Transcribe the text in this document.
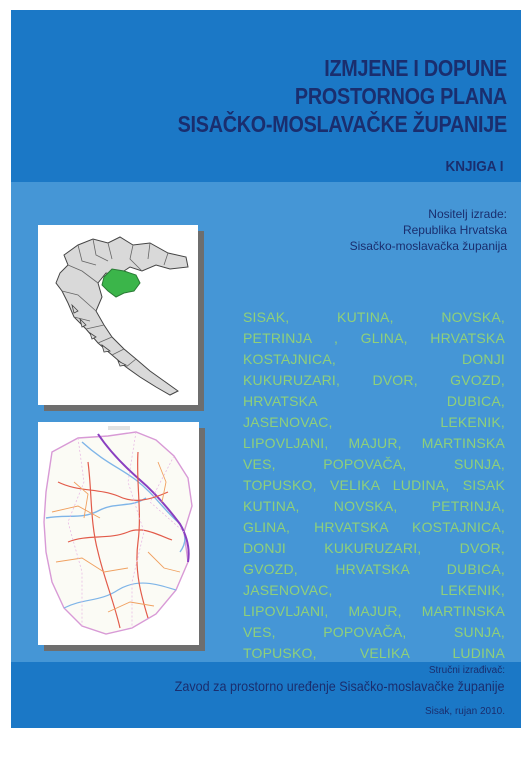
IZMJENE I DOPUNE
PROSTORNOG PLANA
SISAČKO-MOSLAVAČKE ŽUPANIJE
KNJIGA I
Nositelj izrade:
Republika Hrvatska
Sisačko-moslavačka županija
SISAK, KUTINA, NOVSKA,
PETRINJA , GLINA, HRVATSKA
KOSTAJNICA, DONJI
KUKURUZARI, DVOR, GVOZD,
HRVATSKA DUBICA,
JASENOVAC, LEKENIK,
LIPOVLJANI, MAJUR, MARTINSKA
VES, POPOVAČA, SUNJA,
TOPUSKO, VELIKA LUDINA, SISAK
KUTINA, NOVSKA, PETRINJA,
GLINA, HRVATSKA KOSTAJNICA,
DONJI KUKURUZARI, DVOR,
GVOZD, HRVATSKA DUBICA,
JASENOVAC, LEKENIK,
LIPOVLJANI, MAJUR, MARTINSKA
VES, POPOVAČA, SUNJA,
TOPUSKO, VELIKA LUDINA
Stručni izrađivač:
Zavod za prostorno uređenje Sisačko-moslavačke županije
Sisak, rujan 2010.
